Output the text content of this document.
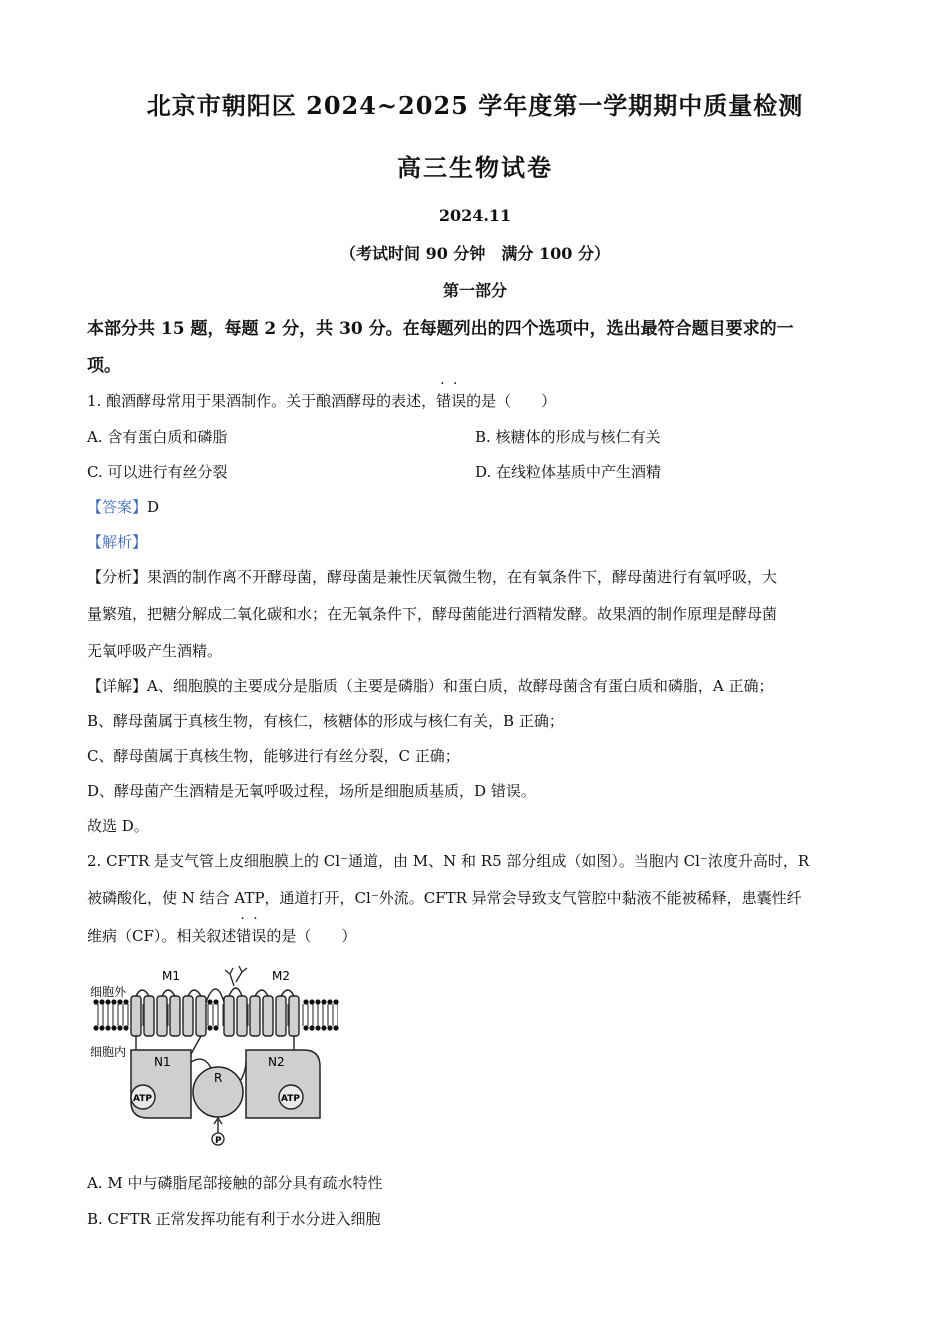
北京市朝阳区 2024~2025 学年度第一学期期中质量检测
高三生物试卷
2024.11
（考试时间 90 分钟　满分 100 分）
第一部分
本部分共 15 题，每题 2 分，共 30 分。在每题列出的四个选项中，选出最符合题目要求的一
项。
1. 酿酒酵母常用于果酒制作。关于酿酒酵母的表述，· · 错误的是（　　）
A. 含有蛋白质和磷脂	B. 核糖体的形成与核仁有关
C. 可以进行有丝分裂	D. 在线粒体基质中产生酒精
【答案】D
【解析】
【分析】果酒的制作离不开酵母菌，酵母菌是兼性厌氧微生物，在有氧条件下，酵母菌进行有氧呼吸，大
量繁殖，把糖分解成二氧化碳和水；在无氧条件下，酵母菌能进行酒精发酵。故果酒的制作原理是酵母菌
无氧呼吸产生酒精。
【详解】A、细胞膜的主要成分是脂质（主要是磷脂）和蛋白质，故酵母菌含有蛋白质和磷脂，A 正确；
B、酵母菌属于真核生物，有核仁，核糖体的形成与核仁有关，B 正确；
C、酵母菌属于真核生物，能够进行有丝分裂，C 正确；
D、酵母菌产生酒精是无氧呼吸过程，场所是细胞质基质，D 错误。
故选 D。
2. CFTR 是支气管上皮细胞膜上的 Cl⁻通道，由 M、N 和 R5 部分组成（如图）。当胞内 Cl⁻浓度升高时，R
被磷酸化，使 N 结合 ATP，通道打开，Cl⁻外流。CFTR 异常会导致支气管腔中黏液不能被稀释，患囊性纤
维病（CF）。相关叙述· · 错误的是（　　）
细胞外
细胞内
M1	M2
N1	N2
R
ATP	ATP
P
A. M 中与磷脂尾部接触的部分具有疏水特性
B. CFTR 正常发挥功能有利于水分进入细胞
